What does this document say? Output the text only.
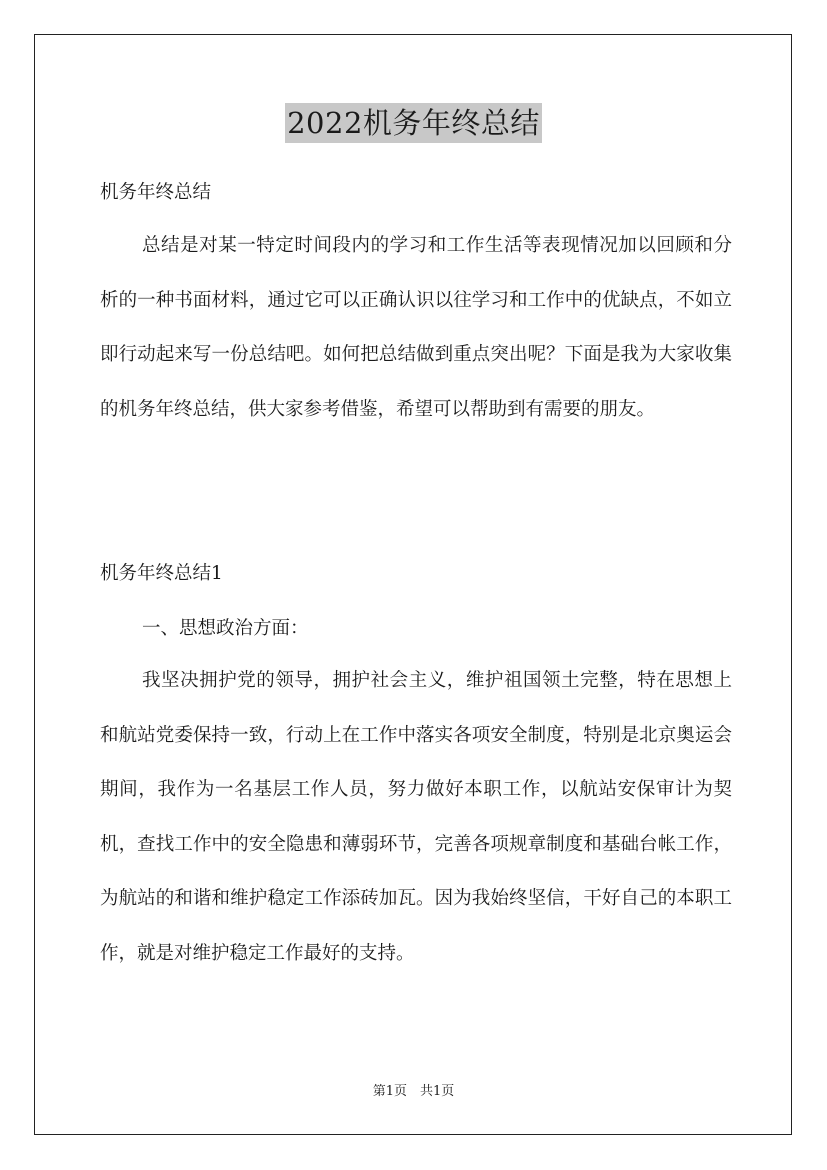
2022机务年终总结

机务年终总结

总结是对某一特定时间段内的学习和工作生活等表现情况加以回顾和分析的一种书面材料，通过它可以正确认识以往学习和工作中的优缺点，不如立即行动起来写一份总结吧。如何把总结做到重点突出呢？下面是我为大家收集的机务年终总结，供大家参考借鉴，希望可以帮助到有需要的朋友。

机务年终总结1

一、思想政治方面：

我坚决拥护党的领导，拥护社会主义，维护祖国领土完整，特在思想上和航站党委保持一致，行动上在工作中落实各项安全制度，特别是北京奥运会期间，我作为一名基层工作人员，努力做好本职工作，以航站安保审计为契机，查找工作中的安全隐患和薄弱环节，完善各项规章制度和基础台帐工作，为航站的和谐和维护稳定工作添砖加瓦。因为我始终坚信，干好自己的本职工作，就是对维护稳定工作最好的支持。

第1页　共1页
